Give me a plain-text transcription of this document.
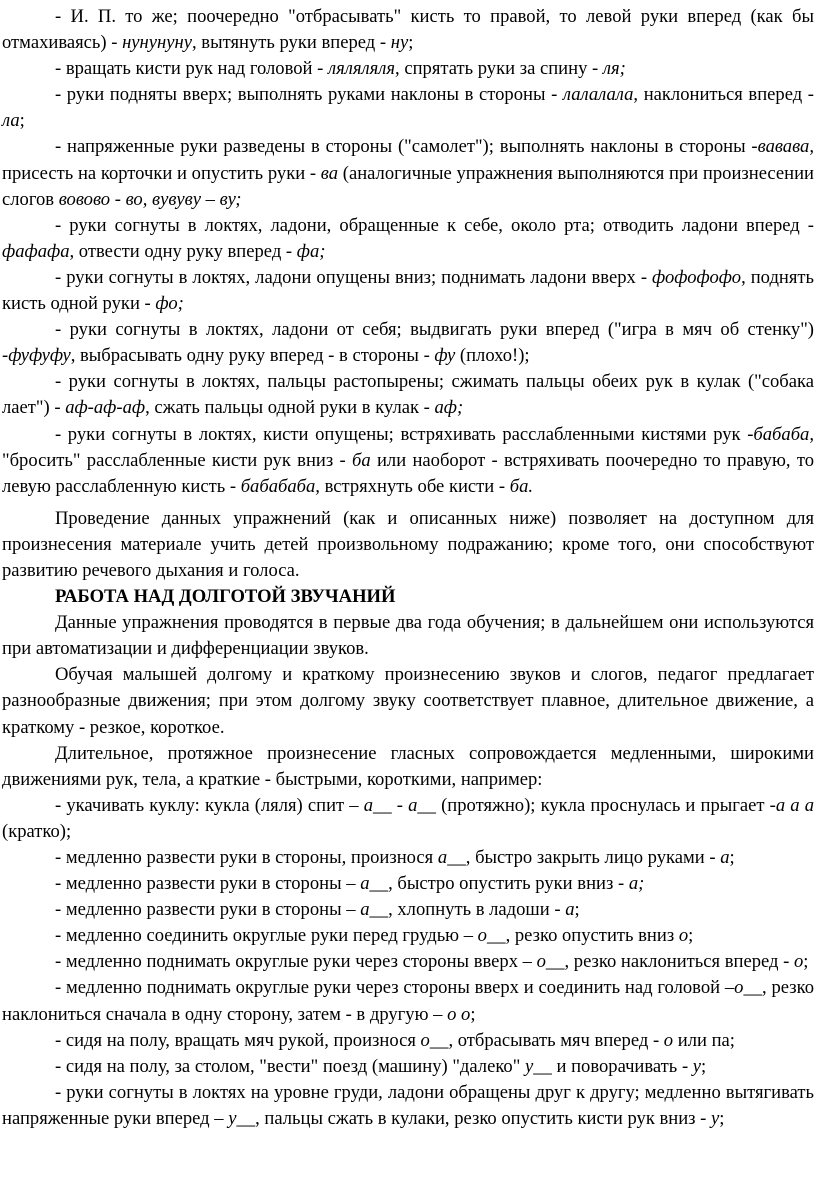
- И. П. то же; поочередно "отбрасывать" кисть то правой, то левой руки вперед (как бы отмахиваясь) - нунунуну, вытянуть руки вперед - ну;

- вращать кисти рук над головой - ляляляля, спрятать руки за спину - ля;

- руки подняты вверх; выполнять руками наклоны в стороны - лалалала, наклониться вперед - ла;

- напряженные руки разведены в стороны ("самолет"); выполнять наклоны в стороны -вавава, присесть на корточки и опустить руки - ва (аналогичные упражнения выполняются при произнесении слогов вовово - во, вувуву – ву;

- руки согнуты в локтях, ладони, обращенные к себе, около рта; отводить ладони вперед - фафафа, отвести одну руку вперед - фа;

- руки согнуты в локтях, ладони опущены вниз; поднимать ладони вверх - фофофофо, поднять кисть одной руки - фо;

- руки согнуты в локтях, ладони от себя; выдвигать руки вперед ("игра в мяч об стенку") -фуфуфу, выбрасывать одну руку вперед - в стороны - фу (плохо!);

- руки согнуты в локтях, пальцы растопырены; сжимать пальцы обеих рук в кулак ("собака лает") - аф-аф-аф, сжать пальцы одной руки в кулак - аф;

- руки согнуты в локтях, кисти опущены; встряхивать расслабленными кистями рук -бабаба, "бросить" расслабленные кисти рук вниз - ба или наоборот - встряхивать поочередно то правую, то левую расслабленную кисть - бабабаба, встряхнуть обе кисти - ба.

Проведение данных упражнений (как и описанных ниже) позволяет на доступном для произнесения материале учить детей произвольному подражанию; кроме того, они способствуют развитию речевого дыхания и голоса.

РАБОТА НАД ДОЛГОТОЙ ЗВУЧАНИЙ

Данные упражнения проводятся в первые два года обучения; в дальнейшем они используются при автоматизации и дифференциации звуков.

Обучая малышей долгому и краткому произнесению звуков и слогов, педагог предлагает разнообразные движения; при этом долгому звуку соответствует плавное, длительное движение, а краткому - резкое, короткое.

Длительное, протяжное произнесение гласных сопровождается медленными, широкими движениями рук, тела, а краткие - быстрыми, короткими, например:

- укачивать куклу: кукла (ляля) спит – а__ - а__ (протяжно); кукла проснулась и прыгает -а а а (кратко);

- медленно развести руки в стороны, произнося а__, быстро закрыть лицо руками - а;

- медленно развести руки в стороны – а__, быстро опустить руки вниз - а;

- медленно развести руки в стороны – а__, хлопнуть в ладоши - а;

- медленно соединить округлые руки перед грудью – о__, резко опустить вниз о;

- медленно поднимать округлые руки через стороны вверх – о__, резко наклониться вперед - о;

- медленно поднимать округлые руки через стороны вверх и соединить над головой –о__, резко наклониться сначала в одну сторону, затем - в другую – о о;

- сидя на полу, вращать мяч рукой, произнося о__, отбрасывать мяч вперед - о или па;

- сидя на полу, за столом, "вести" поезд (машину) "далеко" у__ и поворачивать - у;

- руки согнуты в локтях на уровне груди, ладони обращены друг к другу; медленно вытягивать напряженные руки вперед – у__, пальцы сжать в кулаки, резко опустить кисти рук вниз - у;
